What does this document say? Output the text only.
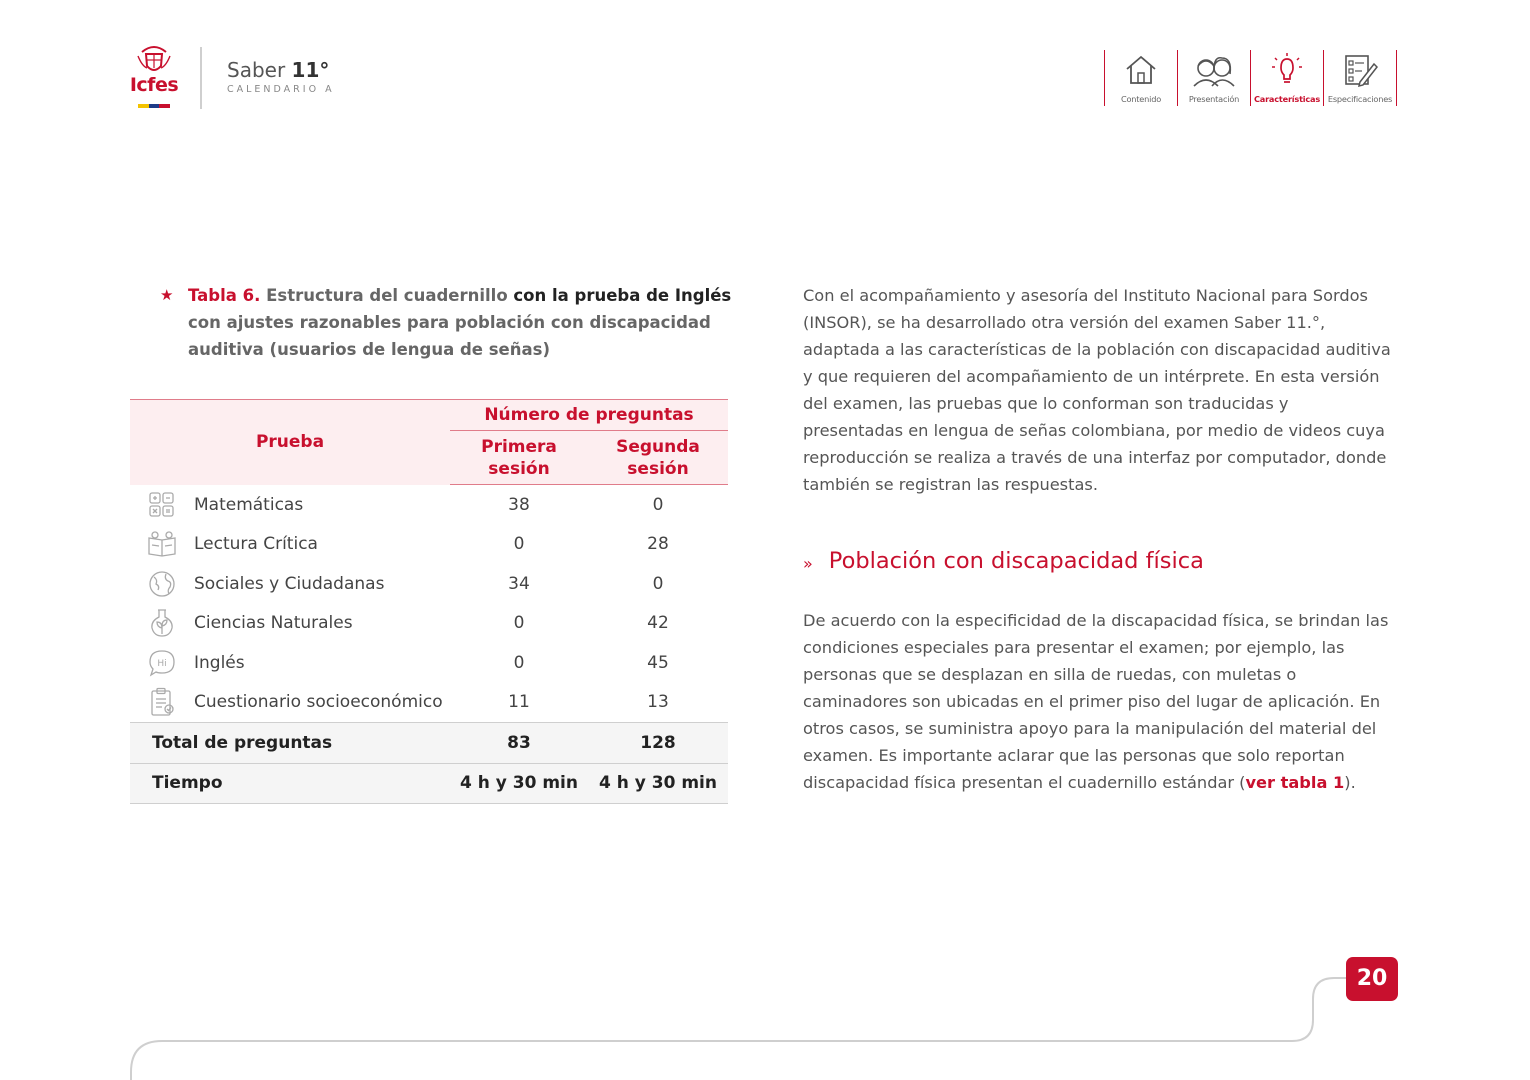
Icfes
Saber 11°
CALENDARIO A
Contenido	Presentación Características Especificaciones
★ Tabla 6. Estructura del cuadernillo con la prueba de Inglés con ajustes razonables para población con discapacidad auditiva (usuarios de lengua de señas)
Prueba	Número de preguntas	
	Primera sesión	Segunda sesión

Matemáticas	38	0

Lectura Crítica	0	28

Sociales y Ciudadanas	34	0

Ciencias Naturales	0	42

Hi Inglés	0	45

Cuestionario socioeconómico	11	13
Total de preguntas	83	128
Tiempo	4 h y 30 min	4 h y 30 min

Con el acompañamiento y asesoría del Instituto Nacional para Sordos (INSOR), se ha desarrollado otra versión del examen Saber 11.°, adaptada a las características de la población con discapacidad auditiva y que requieren del acompañamiento de un intérprete. En esta versión del examen, las pruebas que lo conforman son traducidas y presentadas en lengua de señas colombiana, por medio de videos cuya reproducción se realiza a través de una interfaz por computador, donde también se registran las respuestas.

» Población con discapacidad física

De acuerdo con la especificidad de la discapacidad física, se brindan las condiciones especiales para presentar el examen; por ejemplo, las personas que se desplazan en silla de ruedas, con muletas o caminadores son ubicadas en el primer piso del lugar de aplicación. En otros casos, se suministra apoyo para la manipulación del material del examen. Es importante aclarar que las personas que solo reportan discapacidad física presentan el cuadernillo estándar (ver tabla 1).

20
